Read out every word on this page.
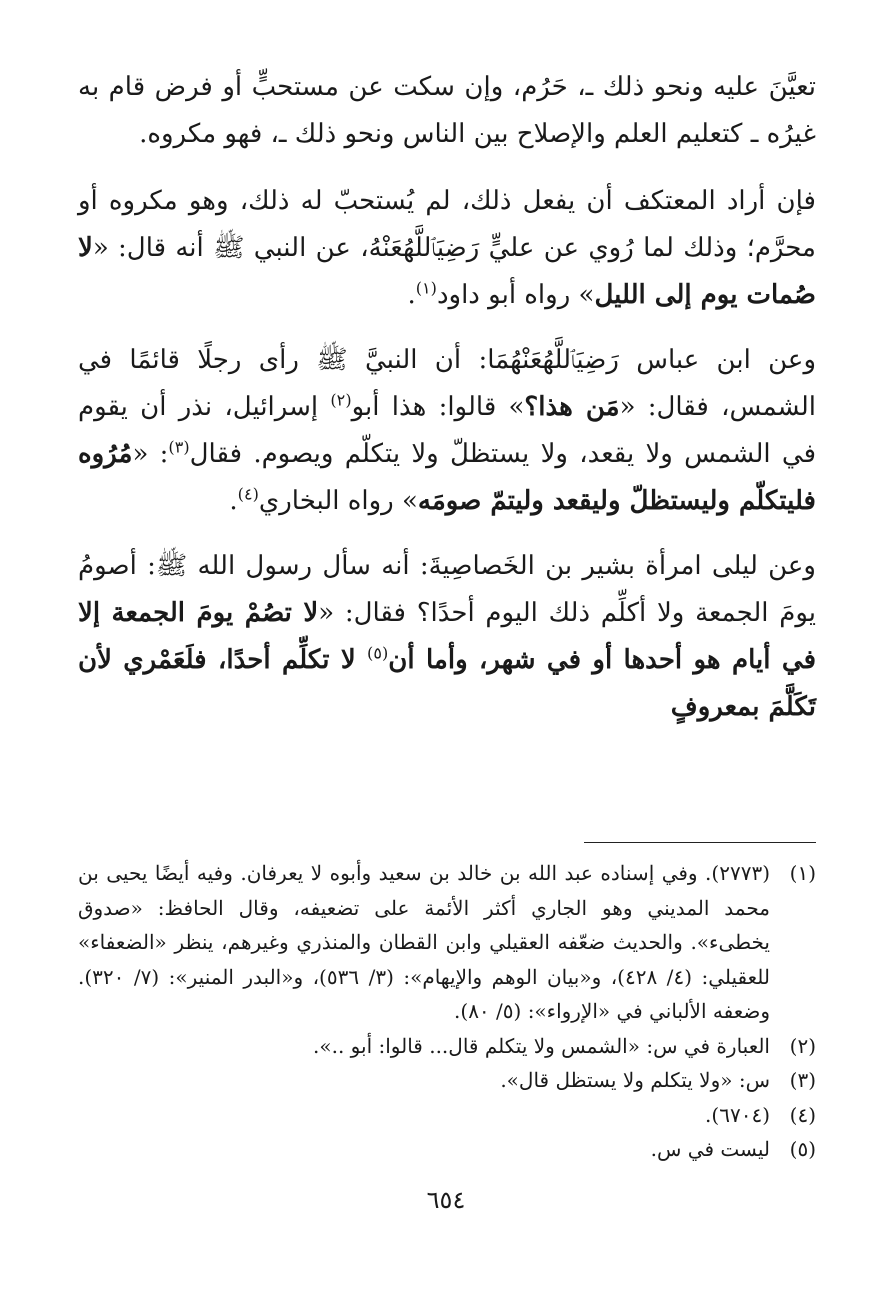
تعيَّنَ عليه ونحو ذلك ـ، حَرُم، وإن سكت عن مستحبٍّ أو فرض قام به غيرُه ـ كتعليم العلم والإصلاح بين الناس ونحو ذلك ـ، فهو مكروه.

فإن أراد المعتكف أن يفعل ذلك، لم يُستحبّ له ذلك، وهو مكروه أو محرَّم؛ وذلك لما رُوي عن عليٍّ رَضِيَٱللَّهُعَنْهُ، عن النبي ﷺ أنه قال: «لا صُمات يوم إلى الليل» رواه أبو داود$^{(١)}$.

وعن ابن عباس رَضِيَٱللَّهُعَنْهُمَا: أن النبيَّ ﷺ رأى رجلًا قائمًا في الشمس، فقال: «مَن هذا؟» قالوا: هذا أبو$^{(٢)}$ إسرائيل، نذر أن يقوم في الشمس ولا يقعد، ولا يستظلّ ولا يتكلّم ويصوم. فقال$^{(٣)}$: «مُرُوه فليتكلّم وليستظلّ وليقعد وليتمّ صومَه» رواه البخاري$^{(٤)}$.

وعن ليلى امرأة بشير بن الخَصاصِيةَ: أنه سأل رسول الله ﷺ: أصومُ يومَ الجمعة ولا أكلِّم ذلك اليوم أحدًا؟ فقال: «لا تصُمْ يومَ الجمعة إلا في أيام هو أحدها أو في شهر، وأما أن$^{(٥)}$ لا تكلِّم أحدًا، فلَعَمْري لأن تَكَلَّمَ بمعروفٍ

(١)
(٢٧٧٣). وفي إسناده عبد الله بن خالد بن سعيد وأبوه لا يعرفان. وفيه أيضًا يحيى بن محمد المديني وهو الجاري أكثر الأئمة على تضعيفه، وقال الحافظ: «صدوق يخطىء». والحديث ضعّفه العقيلي وابن القطان والمنذري وغيرهم، ينظر «الضعفاء» للعقيلي: (٤/ ٤٢٨)، و«بيان الوهم والإيهام»: (٣/ ٥٣٦)، و«البدر المنير»: (٧/ ٣٢٠). وضعفه الألباني في «الإرواء»: (٥/ ٨٠).
(٢)
العبارة في س: «الشمس ولا يتكلم قال... قالوا: أبو ..».
(٣)
س: «ولا يتكلم ولا يستظل قال».
(٤)
(٦٧٠٤).
(٥)
ليست في س.
٦٥٤
